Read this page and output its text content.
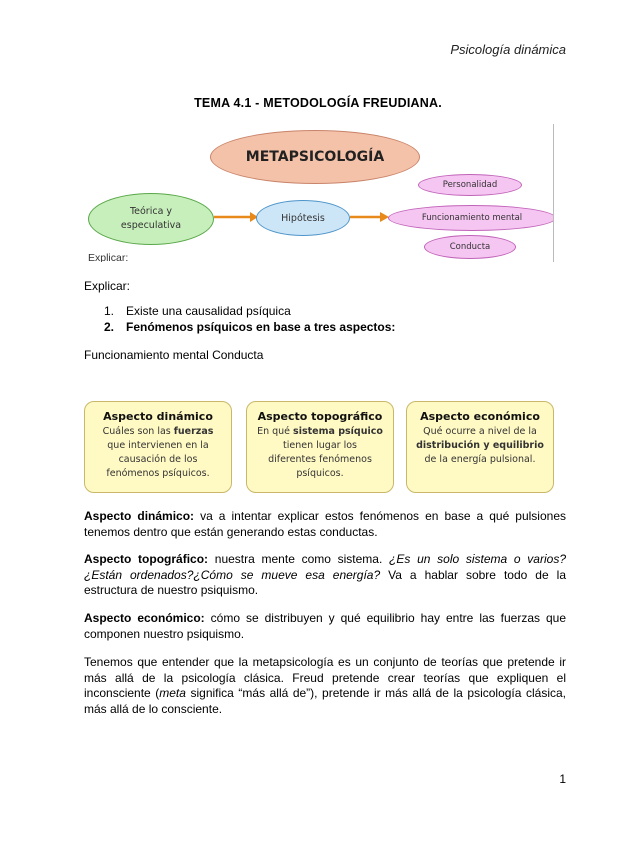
Psicología dinámica
TEMA 4.1 - METODOLOGÍA FREUDIANA.
METAPSICOLOGÍA
Teórica y
especulativa
Hipótesis
Personalidad
Funcionamiento mental
Conducta
Explicar:
Explicar:
1. Existe una causalidad psíquica
2. Fenómenos psíquicos en base a tres aspectos:
Funcionamiento mental Conducta
Aspecto dinámico
Cuáles son las fuerzas
que intervienen en la
causación de los
fenómenos psíquicos.
Aspecto topográfico
En qué sistema psíquico
tienen lugar los
diferentes fenómenos
psíquicos.
Aspecto económico
Qué ocurre a nivel de la
distribución y equilibrio
de la energía pulsional.
Aspecto dinámico: va a intentar explicar estos fenómenos en base a qué pulsiones tenemos dentro que están generando estas conductas.
Aspecto topográfico: nuestra mente como sistema. ¿Es un solo sistema o varios?¿Están ordenados?¿Cómo se mueve esa energía? Va a hablar sobre todo de la estructura de nuestro psiquismo.
Aspecto económico: cómo se distribuyen y qué equilibrio hay entre las fuerzas que componen nuestro psiquismo.
Tenemos que entender que la metapsicología es un conjunto de teorías que pretende ir más allá de la psicología clásica. Freud pretende crear teorías que expliquen el inconsciente (meta significa “más allá de”), pretende ir más allá de la psicología clásica, más allá de lo consciente.
1
